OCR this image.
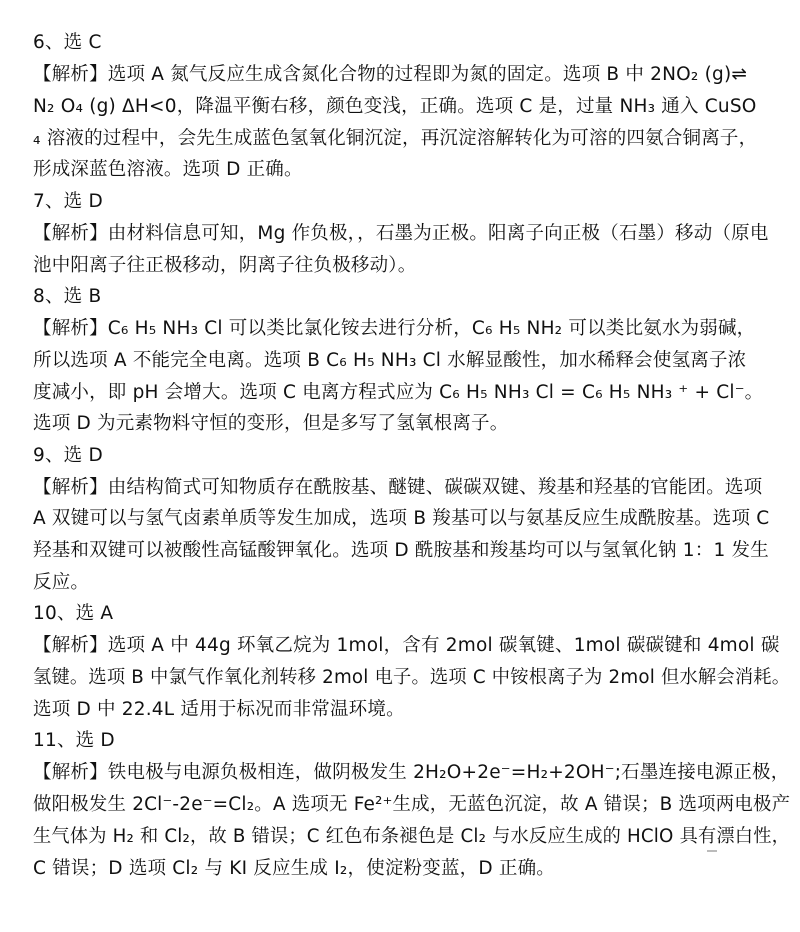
6、选 C
【解析】选项 A 氮气反应生成含氮化合物的过程即为氮的固定。选项 B 中 2NO₂ (g)⇌
N₂ O₄ (g) ΔH<0，降温平衡右移，颜色变浅，正确。选项 C 是，过量 NH₃ 通入 CuSO
₄ 溶液的过程中，会先生成蓝色氢氧化铜沉淀，再沉淀溶解转化为可溶的四氨合铜离子，
形成深蓝色溶液。选项 D 正确。
7、选 D
【解析】由材料信息可知，Mg 作负极，，石墨为正极。阳离子向正极（石墨）移动（原电
池中阳离子往正极移动，阴离子往负极移动）。
8、选 B
【解析】C₆ H₅ NH₃ Cl 可以类比氯化铵去进行分析，C₆ H₅ NH₂ 可以类比氨水为弱碱，
所以选项 A 不能完全电离。选项 B C₆ H₅ NH₃ Cl 水解显酸性，加水稀释会使氢离子浓
度减小，即 pH 会增大。选项 C 电离方程式应为 C₆ H₅ NH₃ Cl = C₆ H₅ NH₃ ⁺ + Cl⁻。
选项 D 为元素物料守恒的变形，但是多写了氢氧根离子。
9、选 D
【解析】由结构简式可知物质存在酰胺基、醚键、碳碳双键、羧基和羟基的官能团。选项
A 双键可以与氢气卤素单质等发生加成，选项 B 羧基可以与氨基反应生成酰胺基。选项 C
羟基和双键可以被酸性高锰酸钾氧化。选项 D 酰胺基和羧基均可以与氢氧化钠 1：1 发生
反应。
10、选 A
【解析】选项 A 中 44g 环氧乙烷为 1mol，含有 2mol 碳氧键、1mol 碳碳键和 4mol 碳
氢键。选项 B 中氯气作氧化剂转移 2mol 电子。选项 C 中铵根离子为 2mol 但水解会消耗。
选项 D 中 22.4L 适用于标况而非常温环境。
11、选 D
【解析】铁电极与电源负极相连，做阴极发生 2H₂O+2e⁻=H₂+2OH⁻;石墨连接电源正极，
做阳极发生 2Cl⁻-2e⁻=Cl₂。A 选项无 Fe²⁺生成，无蓝色沉淀，故 A 错误；B 选项两电极产
生气体为 H₂ 和 Cl₂，故 B 错误；C 红色布条褪色是 Cl₂ 与水反应生成的 HClO 具有漂白性，
C 错误；D 选项 Cl₂ 与 KI 反应生成 I₂，使淀粉变蓝，D 正确。
